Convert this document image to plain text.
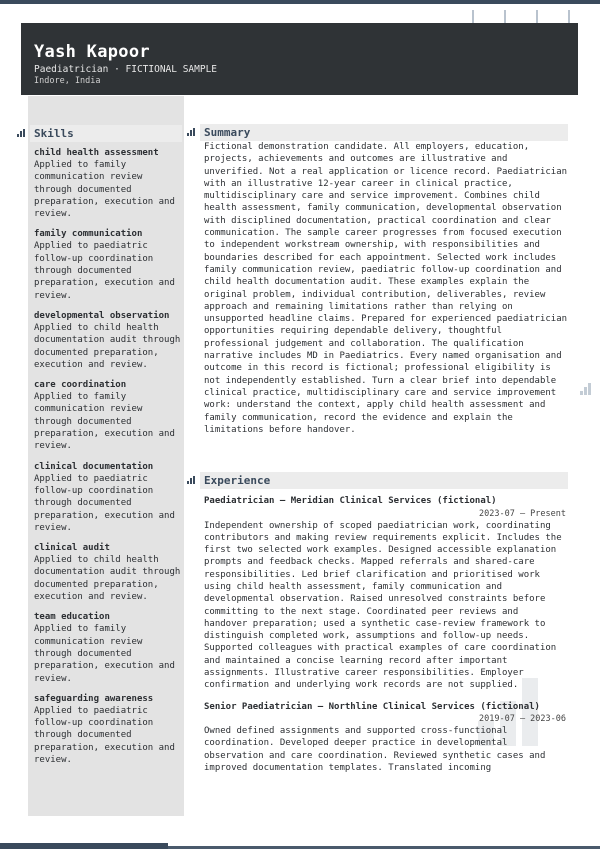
Yash Kapoor
Paediatrician · FICTIONAL SAMPLE
Indore, India
Skills
child health assessment
Applied to family communication review through documented preparation, execution and review.
family communication
Applied to paediatric follow-up coordination through documented preparation, execution and review.
developmental observation
Applied to child health documentation audit through documented preparation, execution and review.
care coordination
Applied to family communication review through documented preparation, execution and review.
clinical documentation
Applied to paediatric follow-up coordination through documented preparation, execution and review.
clinical audit
Applied to child health documentation audit through documented preparation, execution and review.
team education
Applied to family communication review through documented preparation, execution and review.
safeguarding awareness
Applied to paediatric follow-up coordination through documented preparation, execution and review.
Summary
Fictional demonstration candidate. All employers, education, projects, achievements and outcomes are illustrative and unverified. Not a real application or licence record. Paediatrician with an illustrative 12-year career in clinical practice, multidisciplinary care and service improvement. Combines child health assessment, family communication, developmental observation with disciplined documentation, practical coordination and clear communication. The sample career progresses from focused execution to independent workstream ownership, with responsibilities and boundaries described for each appointment. Selected work includes family communication review, paediatric follow-up coordination and child health documentation audit. These examples explain the original problem, individual contribution, deliverables, review approach and remaining limitations rather than relying on unsupported headline claims. Prepared for experienced paediatrician opportunities requiring dependable delivery, thoughtful professional judgement and collaboration. The qualification narrative includes MD in Paediatrics. Every named organisation and outcome in this record is fictional; professional eligibility is not independently established. Turn a clear brief into dependable clinical practice, multidisciplinary care and service improvement work: understand the context, apply child health assessment and family communication, record the evidence and explain the limitations before handover.
Experience
Paediatrician — Meridian Clinical Services (fictional)
2023-07 – Present
Independent ownership of scoped paediatrician work, coordinating contributors and making review requirements explicit. Includes the first two selected work examples. Designed accessible explanation prompts and feedback checks. Mapped referrals and shared-care responsibilities. Led brief clarification and prioritised work using child health assessment, family communication and developmental observation. Raised unresolved constraints before committing to the next stage. Coordinated peer reviews and handover preparation; used a synthetic case-review framework to distinguish completed work, assumptions and follow-up needs. Supported colleagues with practical examples of care coordination and maintained a concise learning record after important assignments. Illustrative career responsibilities. Employer confirmation and underlying work records are not supplied.
Senior Paediatrician — Northline Clinical Services (fictional)
2019-07 – 2023-06
Owned defined assignments and supported cross-functional coordination. Developed deeper practice in developmental observation and care coordination. Reviewed synthetic cases and improved documentation templates. Translated incoming
